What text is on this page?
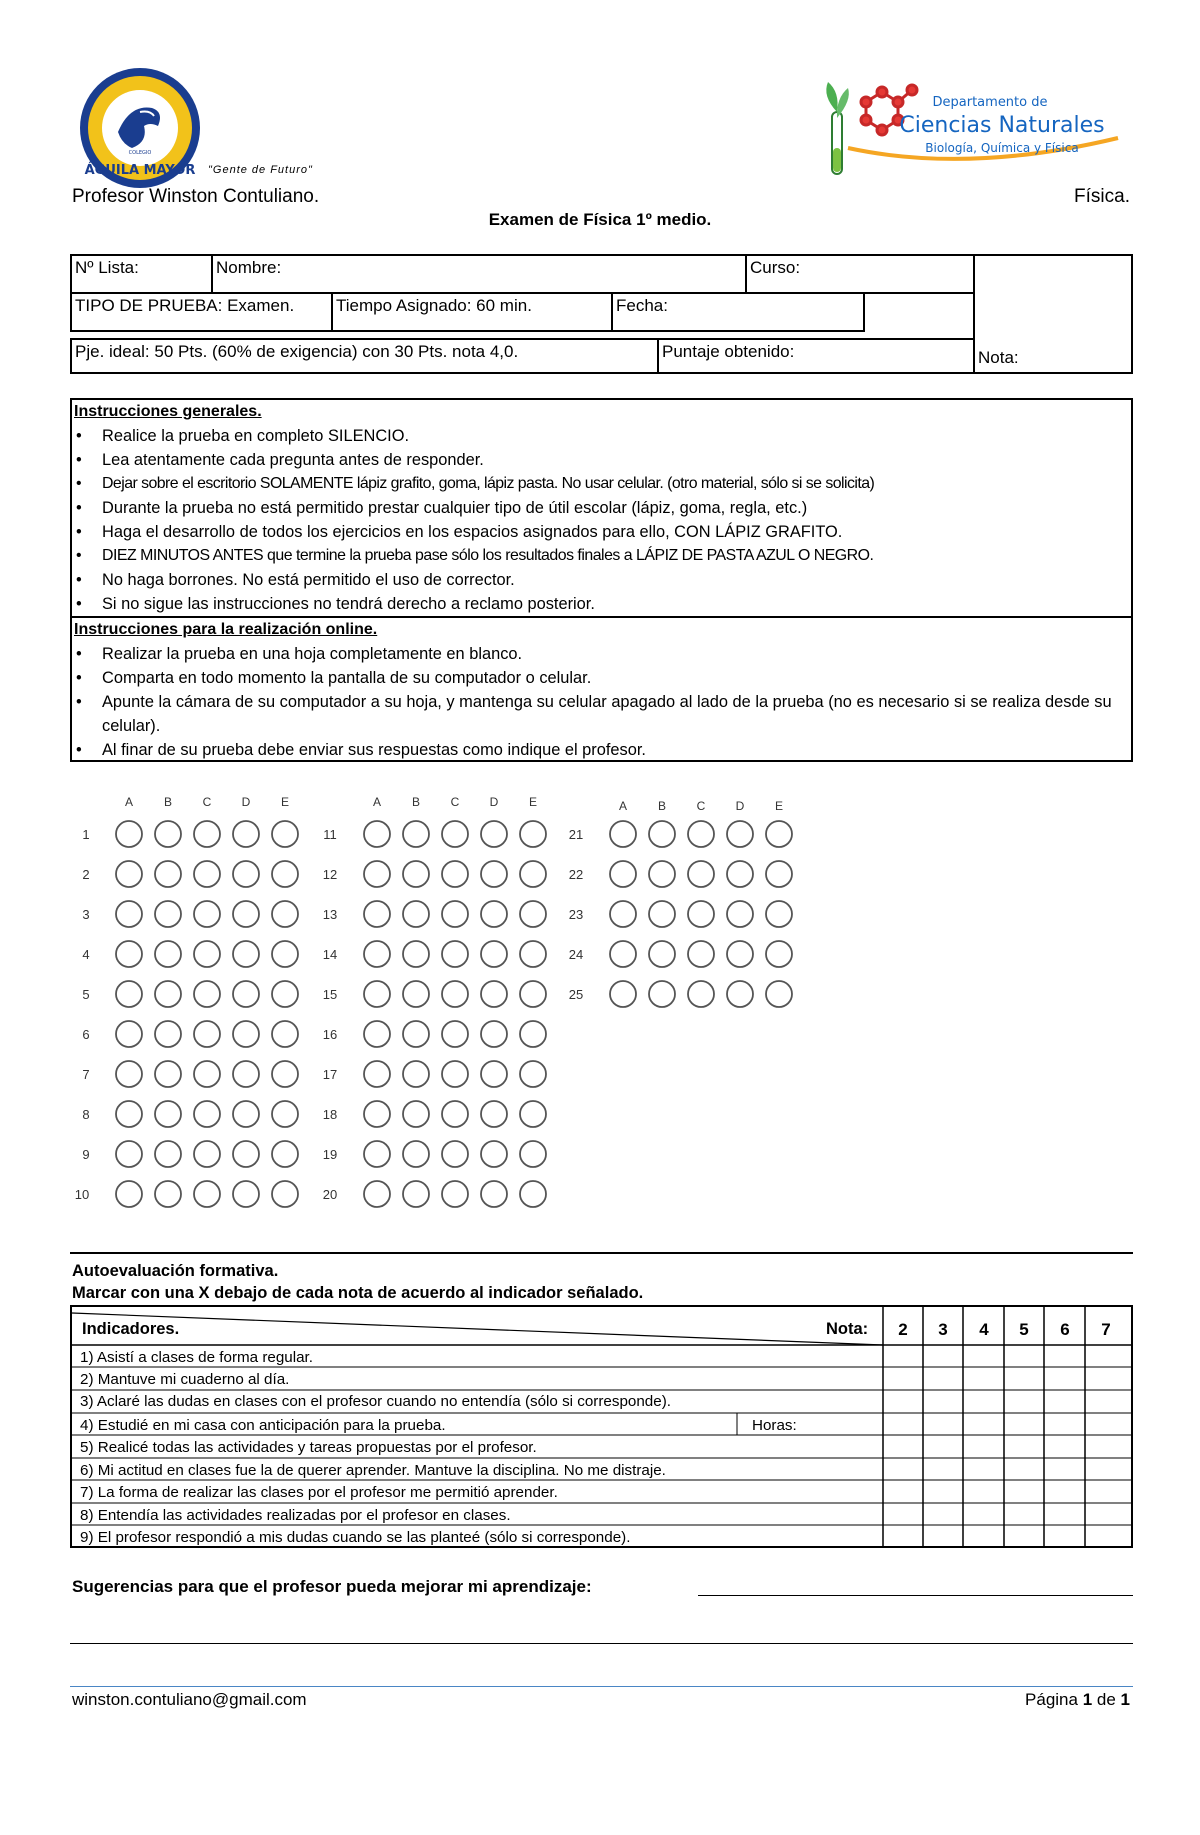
ÁGUILA MAYOR
COLEGIO
"Gente de Futuro"
Departamento de
Ciencias Naturales
Biología, Química y Física
Profesor Winston Contuliano.	Física.
Examen de Física 1º medio.
Nº Lista:	Nombre:	Curso:
TIPO DE PRUEBA: Examen.	Tiempo Asignado: 60 min.	Fecha:
Pje. ideal: 50 Pts. (60% de exigencia) con 30 Pts. nota 4,0.	Puntaje obtenido:	Nota:
Instrucciones generales.
• Realice la prueba en completo SILENCIO.
• Lea atentamente cada pregunta antes de responder.
• Dejar sobre el escritorio SOLAMENTE lápiz grafito, goma, lápiz pasta. No usar celular. (otro material, sólo si se solicita)
• Durante la prueba no está permitido prestar cualquier tipo de útil escolar (lápiz, goma, regla, etc.)
• Haga el desarrollo de todos los ejercicios en los espacios asignados para ello, CON LÁPIZ GRAFITO.
• DIEZ MINUTOS ANTES que termine la prueba pase sólo los resultados finales a LÁPIZ DE PASTA AZUL O NEGRO.
• No haga borrones. No está permitido el uso de corrector.
• Si no sigue las instrucciones no tendrá derecho a reclamo posterior.
Instrucciones para la realización online.
• Realizar la prueba en una hoja completamente en blanco.
• Comparta en todo momento la pantalla de su computador o celular.
• Apunte la cámara de su computador a su hoja, y mantenga su celular apagado al lado de la prueba (no es necesario si se realiza desde su celular).
• Al finar de su prueba debe enviar sus respuestas como indique el profesor.
A	B	C	D	E
1
2
3
4
5
6
7
8
9
10
A	B	C	D	E
11
12
13
14
15
16
17
18
19
20
A	B	C	D	E
21
22
23
24
25
Autoevaluación formativa.
Marcar con una X debajo de cada nota de acuerdo al indicador señalado.
Indicadores.	Nota:	2	3	4	5	6	7
1) Asistí a clases de forma regular.
2) Mantuve mi cuaderno al día.
3) Aclaré las dudas en clases con el profesor cuando no entendía (sólo si corresponde).
4) Estudié en mi casa con anticipación para la prueba.	Horas:
5) Realicé todas las actividades y tareas propuestas por el profesor.
6) Mi actitud en clases fue la de querer aprender. Mantuve la disciplina. No me distraje.
7) La forma de realizar las clases por el profesor me permitió aprender.
8) Entendía las actividades realizadas por el profesor en clases.
9) El profesor respondió a mis dudas cuando se las planteé (sólo si corresponde).
Sugerencias para que el profesor pueda mejorar mi aprendizaje:
winston.contuliano@gmail.com	Página 1 de 1
